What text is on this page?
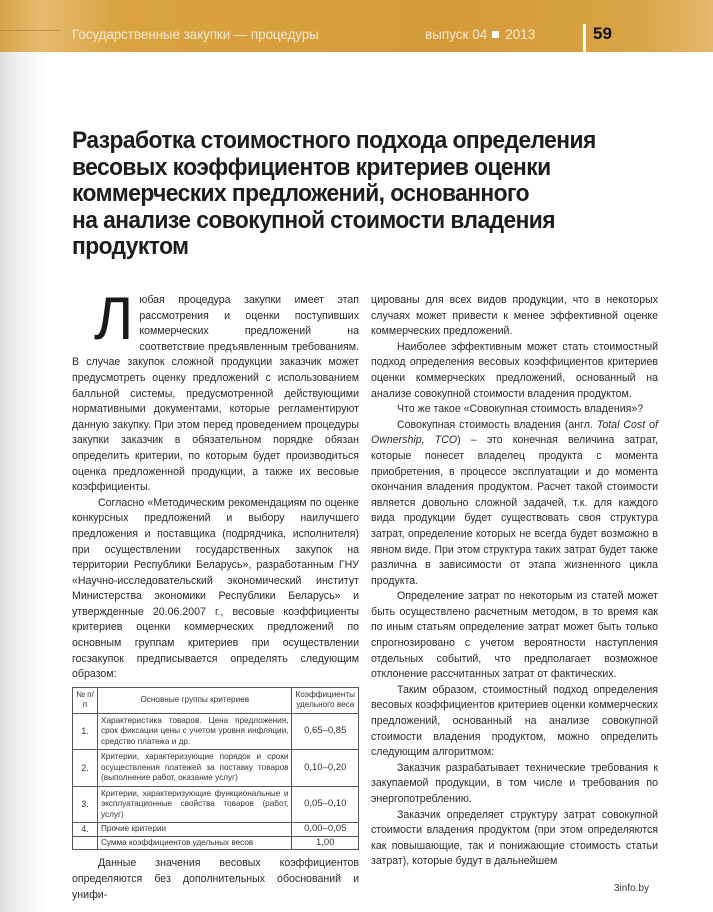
Государственные закупки — процедуры	выпуск 04 2013	59
Разработка стоимостного подхода определения
весовых коэффициентов критериев оценки
коммерческих предложений, основанного
на анализе совокупной стоимости владения
продуктом

Любая процедура закупки имеет этап рассмотрения и оценки поступивших коммерческих предложений на соответствие предъявленным требованиям. В случае закупок сложной продукции заказчик может предусмотреть оценку предложений с использованием балльной системы, предусмотренной действующими нормативными документами, которые регламентируют данную закупку. При этом перед проведением процедуры закупки заказчик в обязательном порядке обязан определить критерии, по которым будет производиться оценка предложенной продукции, а также их весовые коэффициенты.

Согласно «Методическим рекомендациям по оценке конкурсных предложений и выбору наилучшего предложения и поставщика (подрядчика, исполнителя) при осуществлении государственных закупок на территории Республики Беларусь», разработанным ГНУ «Научно-исследовательский экономический институт Министерства экономики Республики Беларусь» и утвержденные 20.06.2007 г., весовые коэффициенты критериев оценки коммерческих предложений по основным группам критериев при осуществлении госзакупок предписывается определять следующим образом:

№ п/п	Основные группы критериев	Коэффициенты удельного веса
1.	Характеристика товаров. Цена предложения, срок фиксации цены с учетом уровня инфляции, средство платежа и др.	0,65–0,85
2.	Критерии, характеризующие порядок и сроки осуществления платежей за поставку товаров (выполнение работ, оказание услуг)	0,10–0,20
3.	Критерии, характеризующие функциональные и эксплуатационные свойства товаров (работ, услуг)	0,05–0,10
4.	Прочие критерии	0,00–0,05
	Сумма коэффициентов удельных весов	1,00

Данные значения весовых коэффициентов определяются без дополнительных обоснований и унифи-

цированы для всех видов продукции, что в некоторых случаях может привести к менее эффективной оценке коммерческих предложений.

Наиболее эффективным может стать стоимостный подход определения весовых коэффициентов критериев оценки коммерческих предложений, основанный на анализе совокупной стоимости владения продуктом.

Что же такое «Совокупная стоимость владения»?

Совокупная стоимость владения (англ. Total Cost of Ownership, TCO) – это конечная величина затрат, которые понесет владелец продукта с момента приобретения, в процессе эксплуатации и до момента окончания владения продуктом. Расчет такой стоимости является довольно сложной задачей, т.к. для каждого вида продукции будет существовать своя структура затрат, определение которых не всегда будет возможно в явном виде. При этом структура таких затрат будет также различна в зависимости от этапа жизненного цикла продукта.

Определение затрат по некоторым из статей может быть осуществлено расчетным методом, в то время как по иным статьям определение затрат может быть только спрогнозировано с учетом вероятности наступления отдельных событий, что предполагает возможное отклонение рассчитанных затрат от фактических.

Таким образом, стоимостный подход определения весовых коэффициентов критериев оценки коммерческих предложений, основанный на анализе совокупной стоимости владения продуктом, можно определить следующим алгоритмом:

Заказчик разрабатывает технические требования к закупаемой продукции, в том числе и требования по энергопотреблению.

Заказчик определяет структуру затрат совокупной стоимости владения продуктом (при этом определяются как повышающие, так и понижающие стоимость статьи затрат), которые будут в дальнейшем

3info.by
